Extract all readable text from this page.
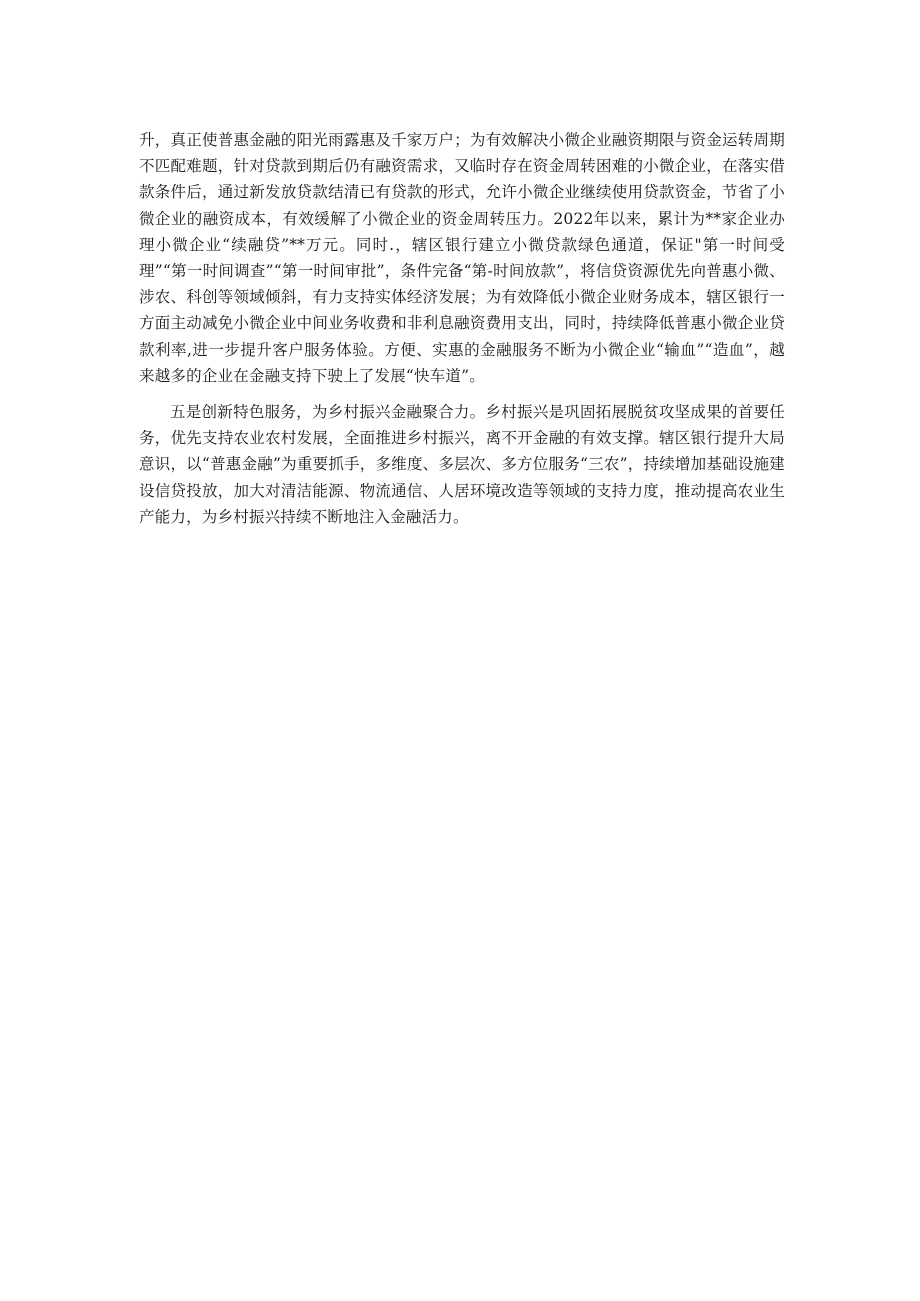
升，真正使普惠金融的阳光雨露惠及千家万户；为有效解决小微企业融资期限与资金运转周期不匹配难题，针对贷款到期后仍有融资需求，又临时存在资金周转困难的小微企业，在落实借款条件后，通过新发放贷款结清已有贷款的形式，允许小微企业继续使用贷款资金，节省了小微企业的融资成本，有效缓解了小微企业的资金周转压力。2022年以来，累计为**家企业办理小微企业“续融贷”**万元。同时.，辖区银行建立小微贷款绿色通道，保证"第一时间受理”“第一时间调查”“第一时间审批”，条件完备“第-时间放款”，将信贷资源优先向普惠小微、涉农、科创等领域倾斜，有力支持实体经济发展；为有效降低小微企业财务成本，辖区银行一方面主动减免小微企业中间业务收费和非利息融资费用支出，同时，持续降低普惠小微企业贷款利率,进一步提升客户服务体验。方便、实惠的金融服务不断为小微企业“输血”“造血”，越来越多的企业在金融支持下驶上了发展“快车道”。

五是创新特色服务，为乡村振兴金融聚合力。乡村振兴是巩固拓展脱贫攻坚成果的首要任务，优先支持农业农村发展，全面推进乡村振兴，离不开金融的有效支撑。辖区银行提升大局意识，以“普惠金融”为重要抓手，多维度、多层次、多方位服务“三农”，持续增加基础设施建设信贷投放，加大对清洁能源、物流通信、人居环境改造等领域的支持力度，推动提高农业生产能力，为乡村振兴持续不断地注入金融活力。
